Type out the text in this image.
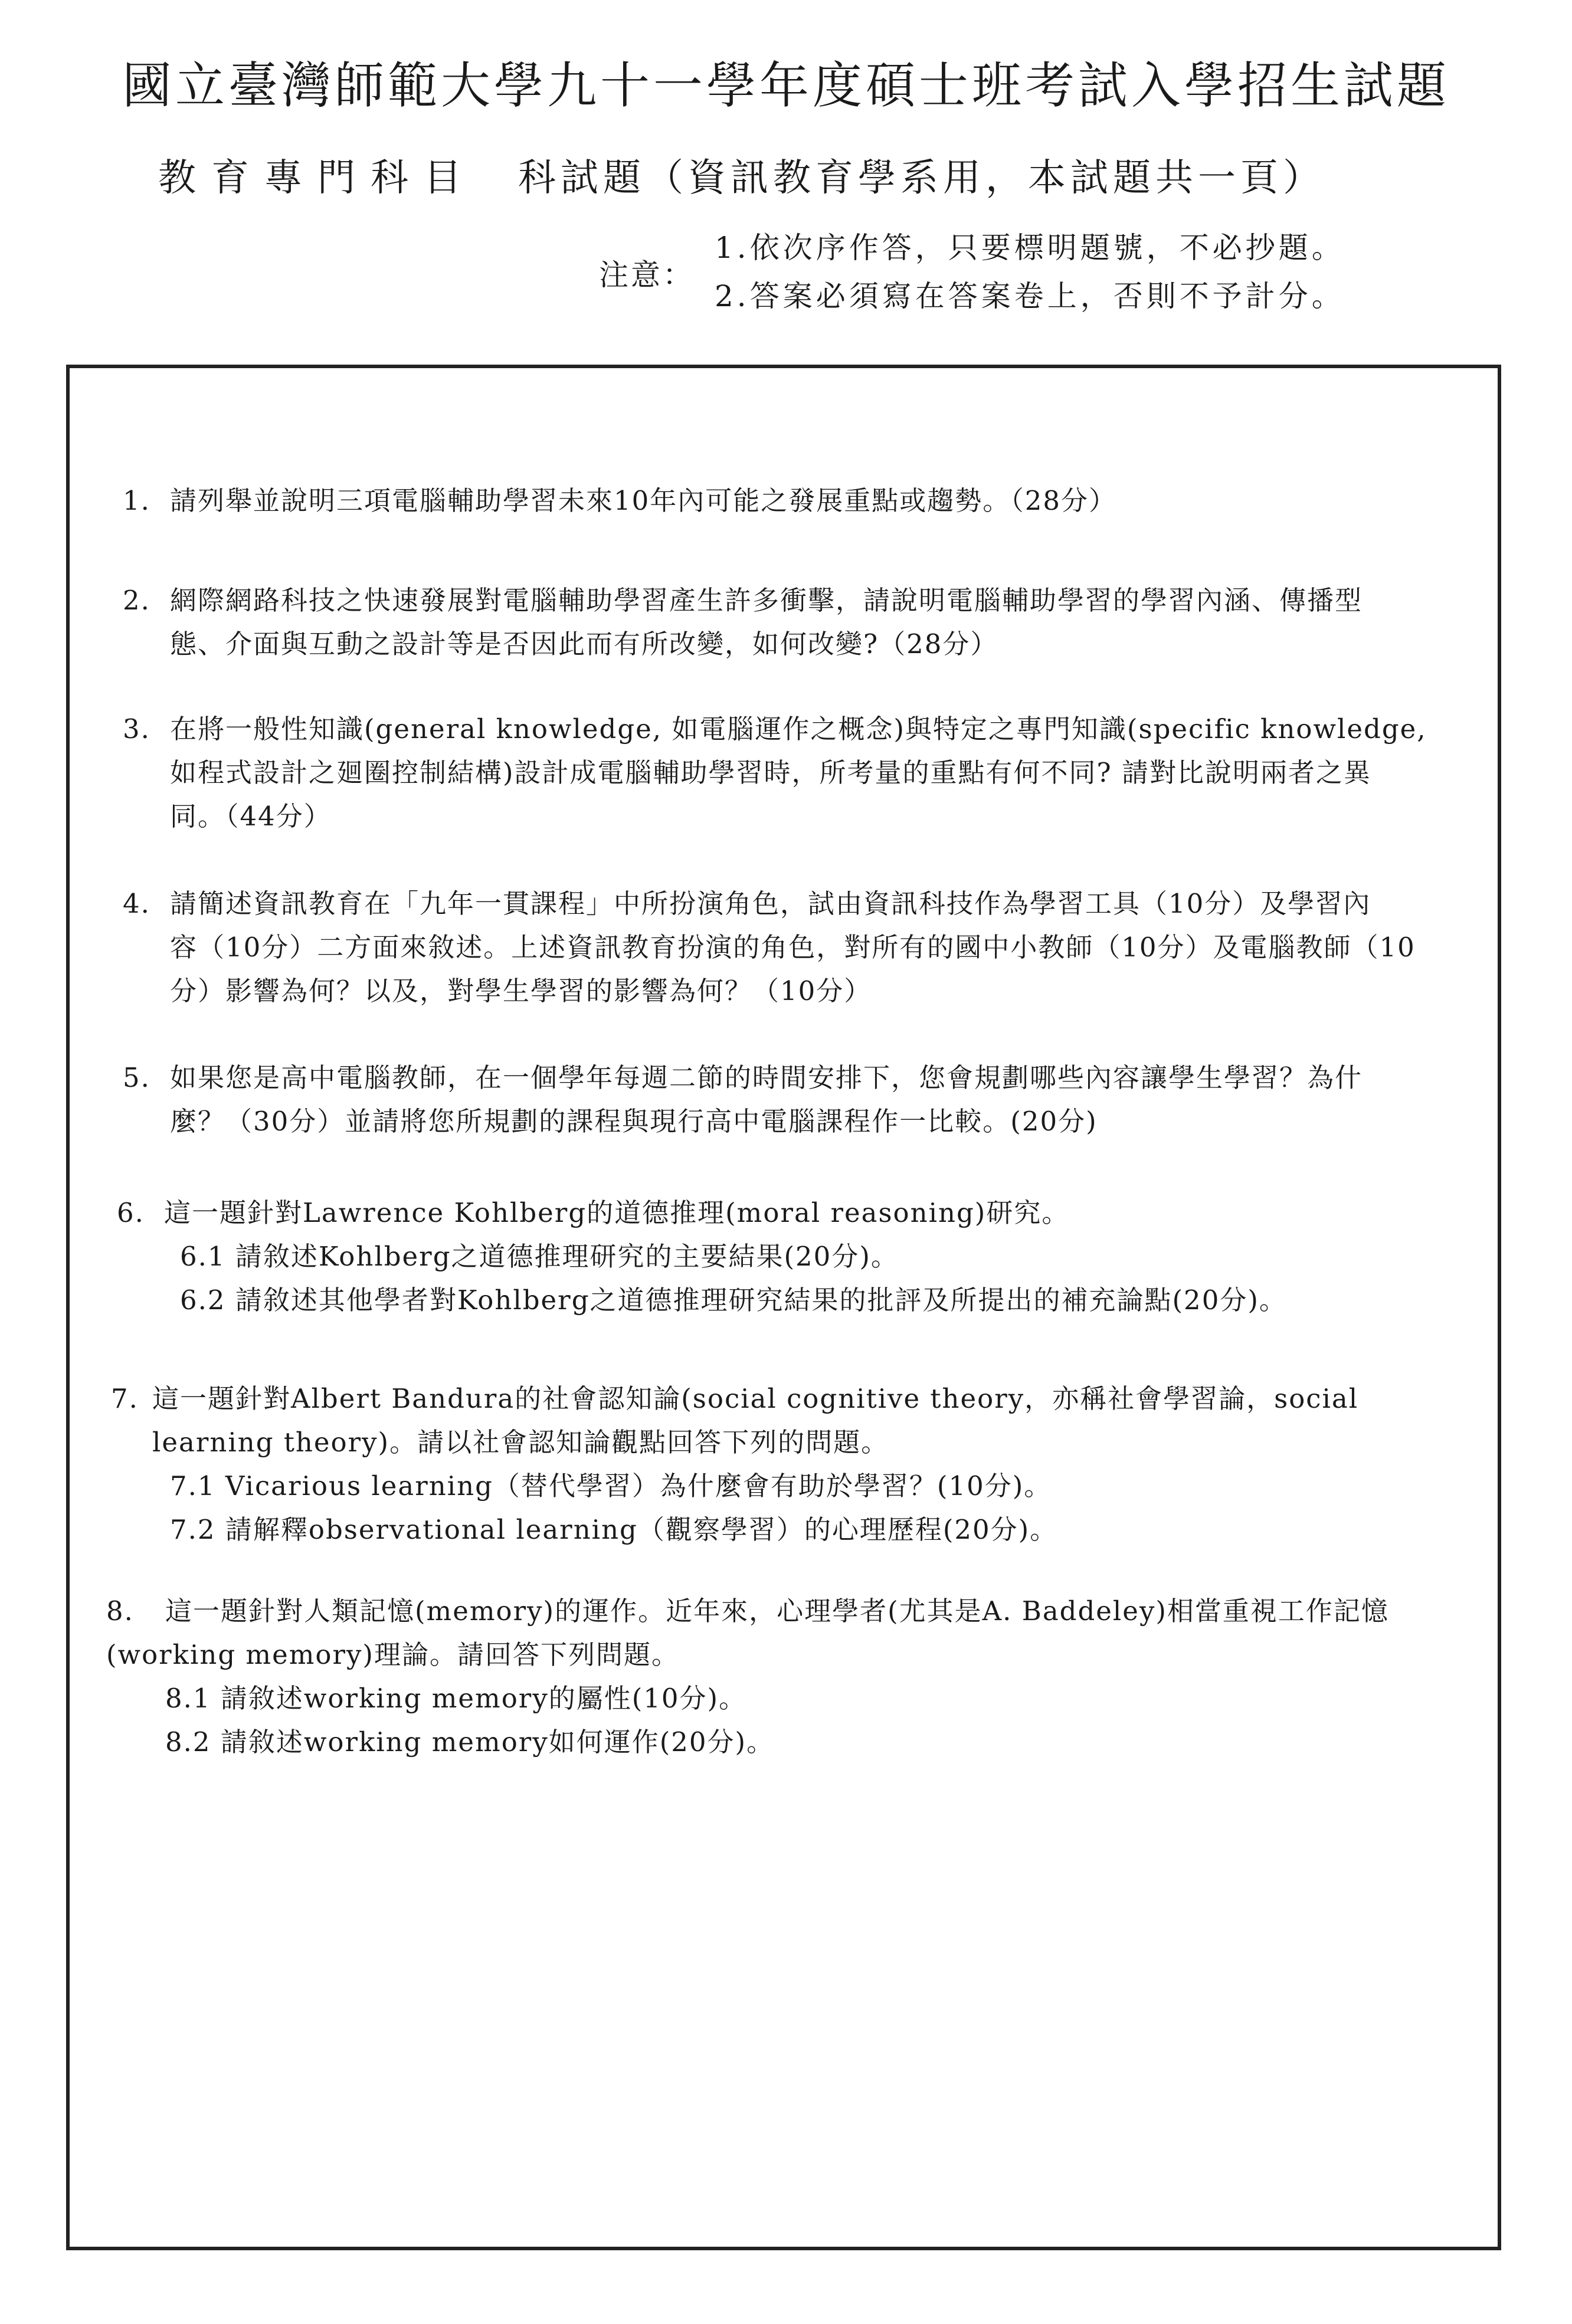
國立臺灣師範大學九十一學年度碩士班考試入學招生試題
教育專門科目 科試題（資訊教育學系用，本試題共一頁）
注意：
1.依次序作答，只要標明題號，不必抄題。
2.答案必須寫在答案卷上，否則不予計分。
1. 請列舉並說明三項電腦輔助學習未來10年內可能之發展重點或趨勢。（28分）
2. 網際網路科技之快速發展對電腦輔助學習產生許多衝擊，請說明電腦輔助學習的學習內涵、傳播型
態、介面與互動之設計等是否因此而有所改變，如何改變?（28分）
3. 在將一般性知識(general knowledge, 如電腦運作之概念)與特定之專門知識(specific knowledge,
如程式設計之廻圈控制結構)設計成電腦輔助學習時，所考量的重點有何不同? 請對比說明兩者之異
同。（44分）
4. 請簡述資訊教育在「九年一貫課程」中所扮演角色，試由資訊科技作為學習工具（10分）及學習內
容（10分）二方面來敘述。上述資訊教育扮演的角色，對所有的國中小教師（10分）及電腦教師（10
分）影響為何？以及，對學生學習的影響為何？（10分）
5. 如果您是高中電腦教師，在一個學年每週二節的時間安排下，您會規劃哪些內容讓學生學習？為什
麼？（30分）並請將您所規劃的課程與現行高中電腦課程作一比較。(20分)
6. 這一題針對Lawrence Kohlberg的道德推理(moral reasoning)研究。
6.1 請敘述Kohlberg之道德推理研究的主要結果(20分)。
6.2 請敘述其他學者對Kohlberg之道德推理研究結果的批評及所提出的補充論點(20分)。
7. 這一題針對Albert Bandura的社會認知論(social cognitive theory，亦稱社會學習論，social
learning theory)。請以社會認知論觀點回答下列的問題。
7.1 Vicarious learning（替代學習）為什麼會有助於學習？(10分)。
7.2 請解釋observational learning（觀察學習）的心理歷程(20分)。
8. 這一題針對人類記憶(memory)的運作。近年來，心理學者(尤其是A. Baddeley)相當重視工作記憶
(working memory)理論。請回答下列問題。
8.1 請敘述working memory的屬性(10分)。
8.2 請敘述working memory如何運作(20分)。
